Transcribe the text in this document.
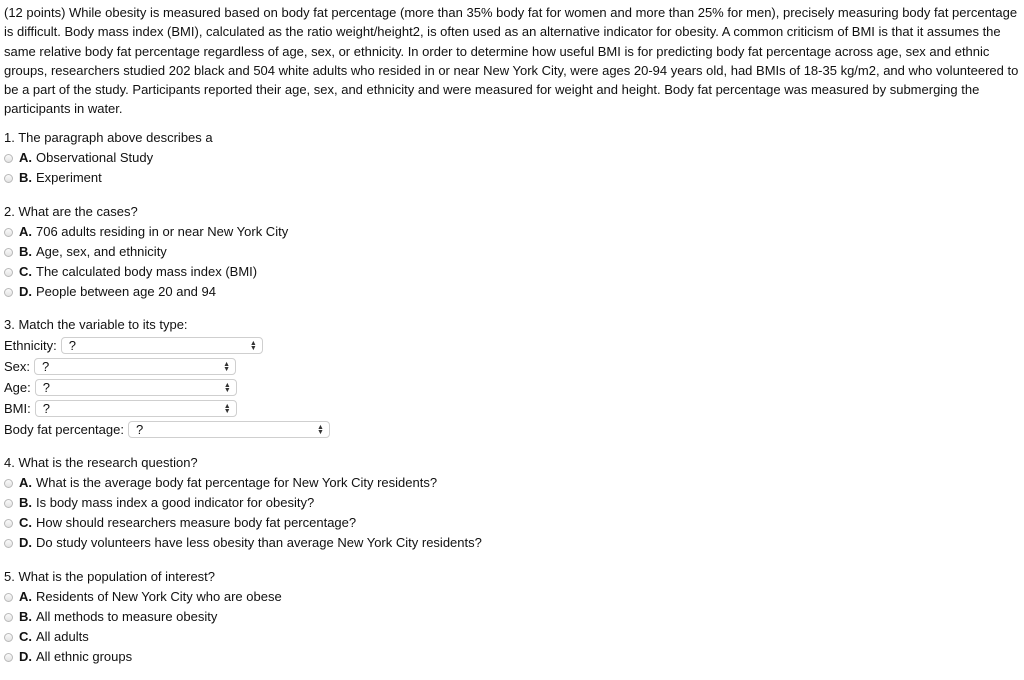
(12 points) While obesity is measured based on body fat percentage (more than 35% body fat for women and more than 25% for men), precisely measuring body fat percentage is difficult. Body mass index (BMI), calculated as the ratio weight/height2, is often used as an alternative indicator for obesity. A common criticism of BMI is that it assumes the same relative body fat percentage regardless of age, sex, or ethnicity. In order to determine how useful BMI is for predicting body fat percentage across age, sex and ethnic groups, researchers studied 202 black and 504 white adults who resided in or near New York City, were ages 20-94 years old, had BMIs of 18-35 kg/m2, and who volunteered to be a part of the study. Participants reported their age, sex, and ethnicity and were measured for weight and height. Body fat percentage was measured by submerging the participants in water.

1. The paragraph above describes a
A. Observational Study
B. Experiment
2. What are the cases?
A. 706 adults residing in or near New York City
B. Age, sex, and ethnicity
C. The calculated body mass index (BMI)
D. People between age 20 and 94
3. Match the variable to its type:
Ethnicity: ?	▲
▼
Sex: ?	▲
▼
Age: ?	▲
▼
BMI: ?	▲
▼
Body fat percentage: ?	▲
▼
4. What is the research question?
A. What is the average body fat percentage for New York City residents?
B. Is body mass index a good indicator for obesity?
C. How should researchers measure body fat percentage?
D. Do study volunteers have less obesity than average New York City residents?
5. What is the population of interest?
A. Residents of New York City who are obese
B. All methods to measure obesity
C. All adults
D. All ethnic groups
